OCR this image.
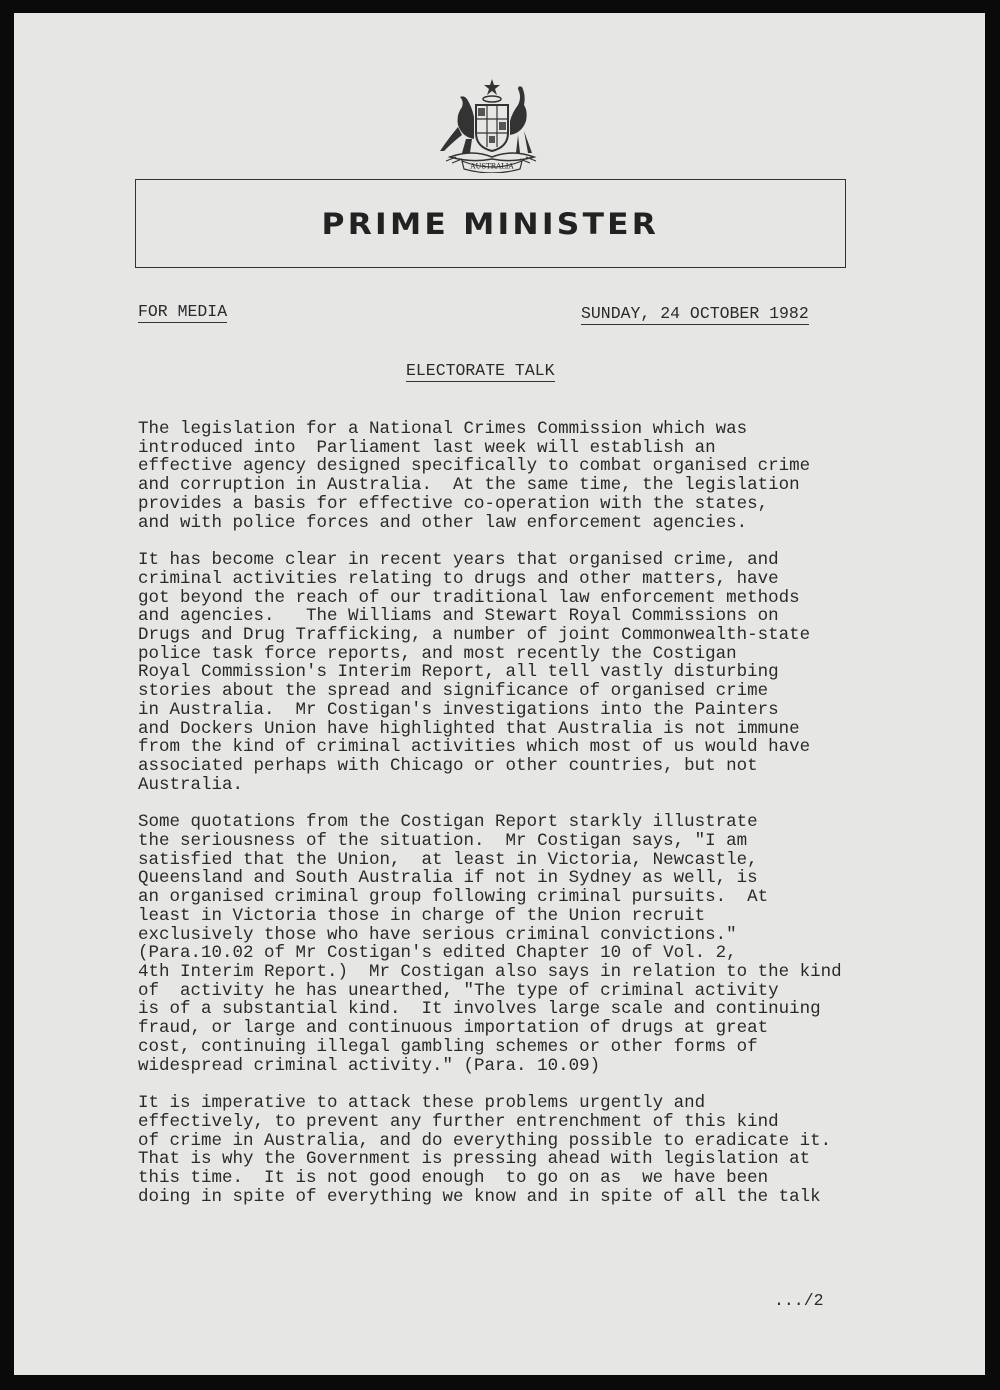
AUSTRALIA
PRIME MINISTER
FOR MEDIA	SUNDAY, 24 OCTOBER 1982
ELECTORATE TALK
The legislation for a National Crimes Commission which was
introduced into  Parliament last week will establish an
effective agency designed specifically to combat organised crime
and corruption in Australia.  At the same time, the legislation
provides a basis for effective co-operation with the states,
and with police forces and other law enforcement agencies.
It has become clear in recent years that organised crime, and
criminal activities relating to drugs and other matters, have
got beyond the reach of our traditional law enforcement methods
and agencies.   The Williams and Stewart Royal Commissions on
Drugs and Drug Trafficking, a number of joint Commonwealth-state
police task force reports, and most recently the Costigan
Royal Commission's Interim Report, all tell vastly disturbing
stories about the spread and significance of organised crime
in Australia.  Mr Costigan's investigations into the Painters
and Dockers Union have highlighted that Australia is not immune
from the kind of criminal activities which most of us would have
associated perhaps with Chicago or other countries, but not
Australia.
Some quotations from the Costigan Report starkly illustrate
the seriousness of the situation.  Mr Costigan says, "I am
satisfied that the Union,  at least in Victoria, Newcastle,
Queensland and South Australia if not in Sydney as well, is
an organised criminal group following criminal pursuits.  At
least in Victoria those in charge of the Union recruit
exclusively those who have serious criminal convictions."
(Para.10.02 of Mr Costigan's edited Chapter 10 of Vol. 2,
4th Interim Report.)  Mr Costigan also says in relation to the kind
of  activity he has unearthed, "The type of criminal activity
is of a substantial kind.  It involves large scale and continuing
fraud, or large and continuous importation of drugs at great
cost, continuing illegal gambling schemes or other forms of
widespread criminal activity." (Para. 10.09)
It is imperative to attack these problems urgently and
effectively, to prevent any further entrenchment of this kind
of crime in Australia, and do everything possible to eradicate it.
That is why the Government is pressing ahead with legislation at
this time.  It is not good enough  to go on as  we have been
doing in spite of everything we know and in spite of all the talk
.../2
